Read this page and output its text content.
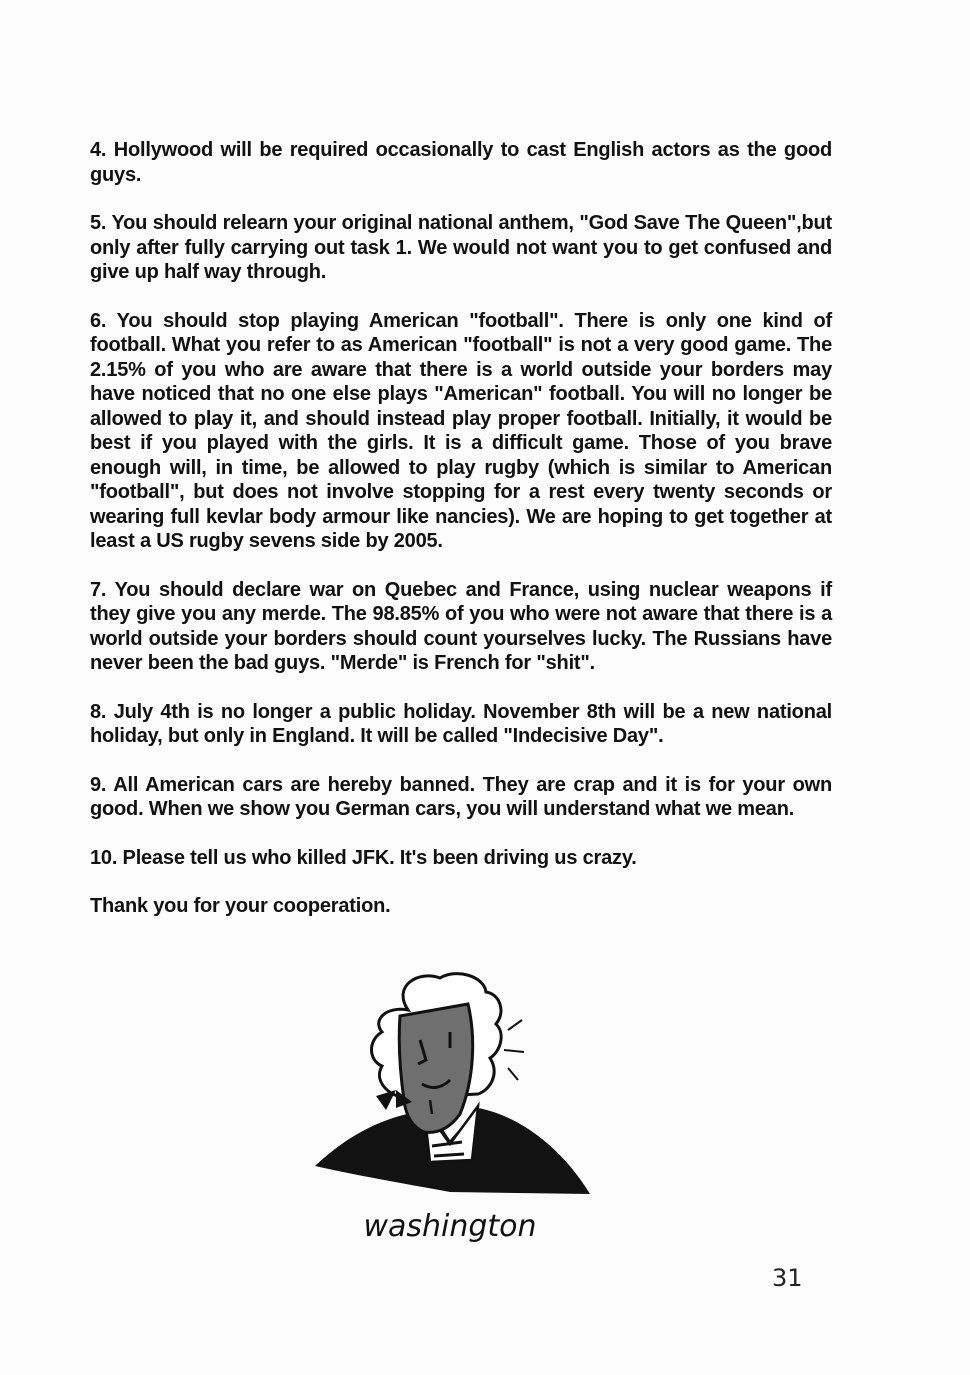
4. Hollywood will be required occasionally to cast English actors as the good guys.

5. You should relearn your original national anthem, "God Save The Queen",but only after fully carrying out task 1. We would not want you to get confused and give up half way through.

6. You should stop playing American "football". There is only one kind of football. What you refer to as American "football" is not a very good game. The 2.15% of you who are aware that there is a world outside your borders may have noticed that no one else plays "American" football. You will no longer be allowed to play it, and should instead play proper football. Initially, it would be best if you played with the girls. It is a difficult game. Those of you brave enough will, in time, be allowed to play rugby (which is similar to American "football", but does not involve stopping for a rest every twenty seconds or wearing full kevlar body armour like nancies). We are hoping to get together at least a US rugby sevens side by 2005.

7. You should declare war on Quebec and France, using nuclear weapons if they give you any merde. The 98.85% of you who were not aware that there is a world outside your borders should count yourselves lucky. The Russians have never been the bad guys. "Merde" is French for "shit".

8. July 4th is no longer a public holiday. November 8th will be a new national holiday, but only in England. It will be called "Indecisive Day".

9. All American cars are hereby banned. They are crap and it is for your own good. When we show you German cars, you will understand what we mean.

10. Please tell us who killed JFK. It's been driving us crazy.

Thank you for your cooperation.

washington
31
